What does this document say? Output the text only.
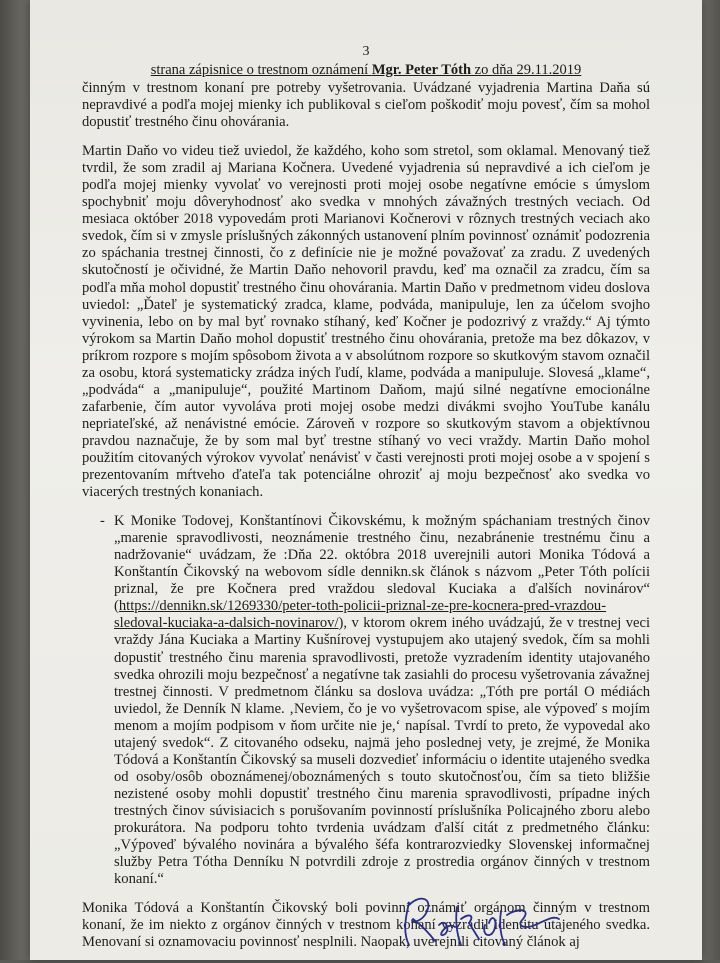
3
strana zápisnice o trestnom oznámení Mgr. Peter Tóth zo dňa 29.11.2019

činným v trestnom konaní pre potreby vyšetrovania. Uvádzané vyjadrenia Martina Daňa sú nepravdivé a podľa mojej mienky ich publikoval s cieľom poškodiť moju povesť, čím sa mohol dopustiť trestného činu ohovárania.

Martin Daňo vo videu tiež uviedol, že každého, koho som stretol, som oklamal. Menovaný tiež tvrdil, že som zradil aj Mariana Kočnera. Uvedené vyjadrenia sú nepravdivé a ich cieľom je podľa mojej mienky vyvolať vo verejnosti proti mojej osobe negatívne emócie s úmyslom spochybniť moju dôveryhodnosť ako svedka v mnohých závažných trestných veciach. Od mesiaca október 2018 vypovedám proti Marianovi Kočnerovi v rôznych trestných veciach ako svedok, čím si v zmysle príslušných zákonných ustanovení plním povinnosť oznámiť podozrenia zo spáchania trestnej činnosti, čo z definície nie je možné považovať za zradu. Z uvedených skutočností je očividné, že Martin Daňo nehovoril pravdu, keď ma označil za zradcu, čím sa podľa mňa mohol dopustiť trestného činu ohovárania. Martin Daňo v predmetnom videu doslova uviedol: „Ďateľ je systematický zradca, klame, podváda, manipuluje, len za účelom svojho vyvinenia, lebo on by mal byť rovnako stíhaný, keď Kočner je podozrivý z vraždy.“ Aj týmto výrokom sa Martin Daňo mohol dopustiť trestného činu ohovárania, pretože ma bez dôkazov, v príkrom rozpore s mojím spôsobom života a v absolútnom rozpore so skutkovým stavom označil za osobu, ktorá systematicky zrádza iných ľudí, klame, podváda a manipuluje. Slovesá „klame“, „podváda“ a „manipuluje“, použité Martinom Daňom, majú silné negatívne emocionálne zafarbenie, čím autor vyvoláva proti mojej osobe medzi divákmi svojho YouTube kanálu nepriateľské, až nenávistné emócie. Zároveň v rozpore so skutkovým stavom a objektívnou pravdou naznačuje, že by som mal byť trestne stíhaný vo veci vraždy. Martin Daňo mohol použitím citovaných výrokov vyvolať nenávisť v časti verejnosti proti mojej osobe a v spojení s prezentovaním mŕtveho ďateľa tak potenciálne ohroziť aj moju bezpečnosť ako svedka vo viacerých trestných konaniach.

- K Monike Todovej, Konštantínovi Čikovskému, k možným spáchaniam trestných činov „marenie spravodlivosti, neoznámenie trestného činu, nezabránenie trestnému činu a nadržovanie“ uvádzam, že :Dňa 22. októbra 2018 uverejnili autori Monika Tódová a Konštantín Čikovský na webovom sídle dennikn.sk článok s názvom „Peter Tóth polícii priznal, že pre Kočnera pred vraždou sledoval Kuciaka a ďalších novinárov“ (https://dennikn.sk/1269330/peter-toth-policii-priznal-ze-pre-kocnera-pred-vrazdou-sledoval-kuciaka-a-dalsich-novinarov/), v ktorom okrem iného uvádzajú, že v trestnej veci vraždy Jána Kuciaka a Martiny Kušnírovej vystupujem ako utajený svedok, čím sa mohli dopustiť trestného činu marenia spravodlivosti, pretože vyzradením identity utajovaného svedka ohrozili moju bezpečnosť a negatívne tak zasiahli do procesu vyšetrovania závažnej trestnej činnosti. V predmetnom článku sa doslova uvádza: „Tóth pre portál O médiách uviedol, že Denník N klame. ‚Neviem, čo je vo vyšetrovacom spise, ale výpoveď s mojím menom a mojím podpisom v ňom určite nie je,‘ napísal. Tvrdí to preto, že vypovedal ako utajený svedok“. Z citovaného odseku, najmä jeho poslednej vety, je zrejmé, že Monika Tódová a Konštantín Čikovský sa museli dozvedieť informáciu o identite utajeného svedka od osoby/osôb oboznámenej/oboznámených s touto skutočnosťou, čím sa tieto bližšie nezistené osoby mohli dopustiť trestného činu marenia spravodlivosti, prípadne iných trestných činov súvisiacich s porušovaním povinností príslušníka Policajného zboru alebo prokurátora. Na podporu tohto tvrdenia uvádzam ďalší citát z predmetného článku: „Výpoveď bývalého novinára a bývalého šéfa kontrarozviedky Slovenskej informačnej služby Petra Tótha Denníku N potvrdili zdroje z prostredia orgánov činných v trestnom konaní.“

Monika Tódová a Konštantín Čikovský boli povinní oznámiť orgánom činným v trestnom konaní, že im niekto z orgánov činných v trestnom konaní vyzradil identitu utajeného svedka. Menovaní si oznamovaciu povinnosť nesplnili. Naopak, uverejnili citovaný článok aj
